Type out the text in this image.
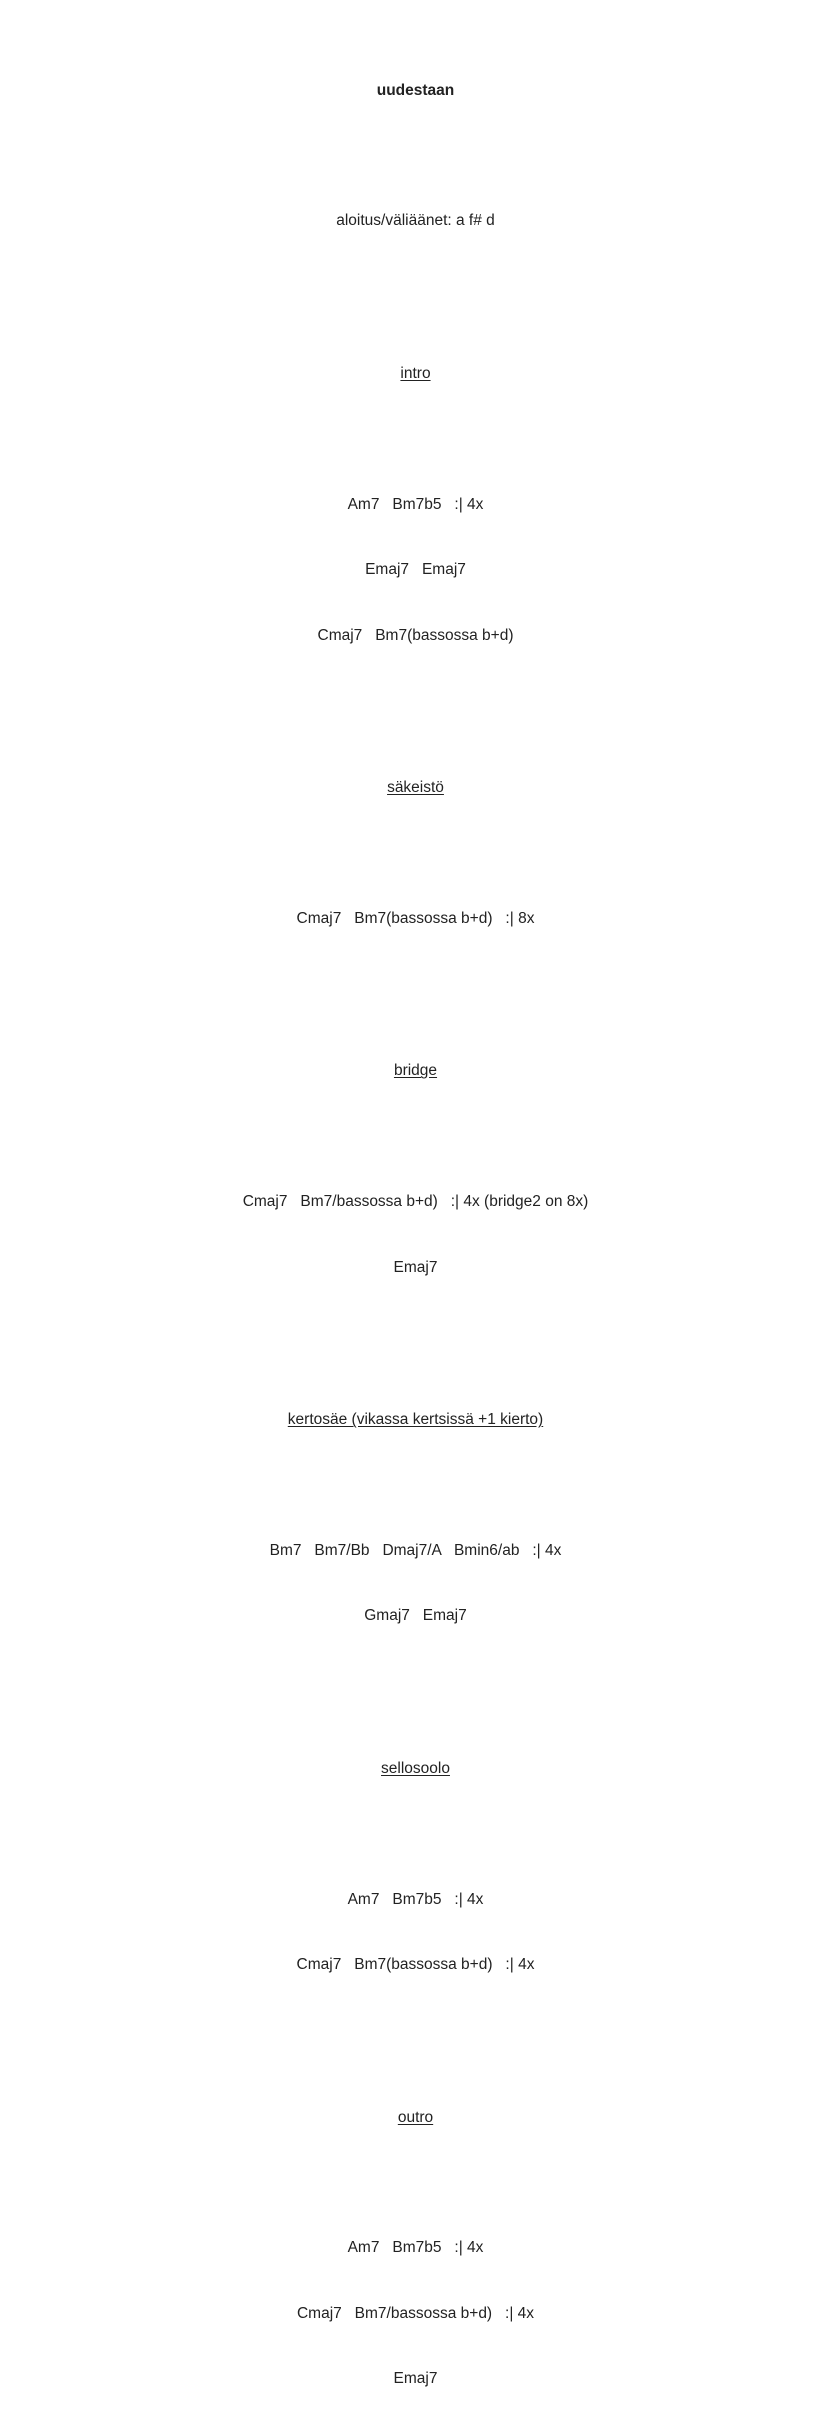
uudestaan

aloitus/väliäänet: a f# d

intro

Am7   Bm7b5   :| 4x

Emaj7   Emaj7

Cmaj7   Bm7(bassossa b+d)

säkeistö

Cmaj7   Bm7(bassossa b+d)   :| 8x

bridge

Cmaj7   Bm7/bassossa b+d)   :| 4x (bridge2 on 8x)

Emaj7

kertosäe (vikassa kertsissä +1 kierto)

Bm7   Bm7/Bb   Dmaj7/A   Bmin6/ab   :| 4x

Gmaj7   Emaj7

sellosoolo

Am7   Bm7b5   :| 4x

Cmaj7   Bm7(bassossa b+d)   :| 4x

outro

Am7   Bm7b5   :| 4x

Cmaj7   Bm7/bassossa b+d)   :| 4x

Emaj7
